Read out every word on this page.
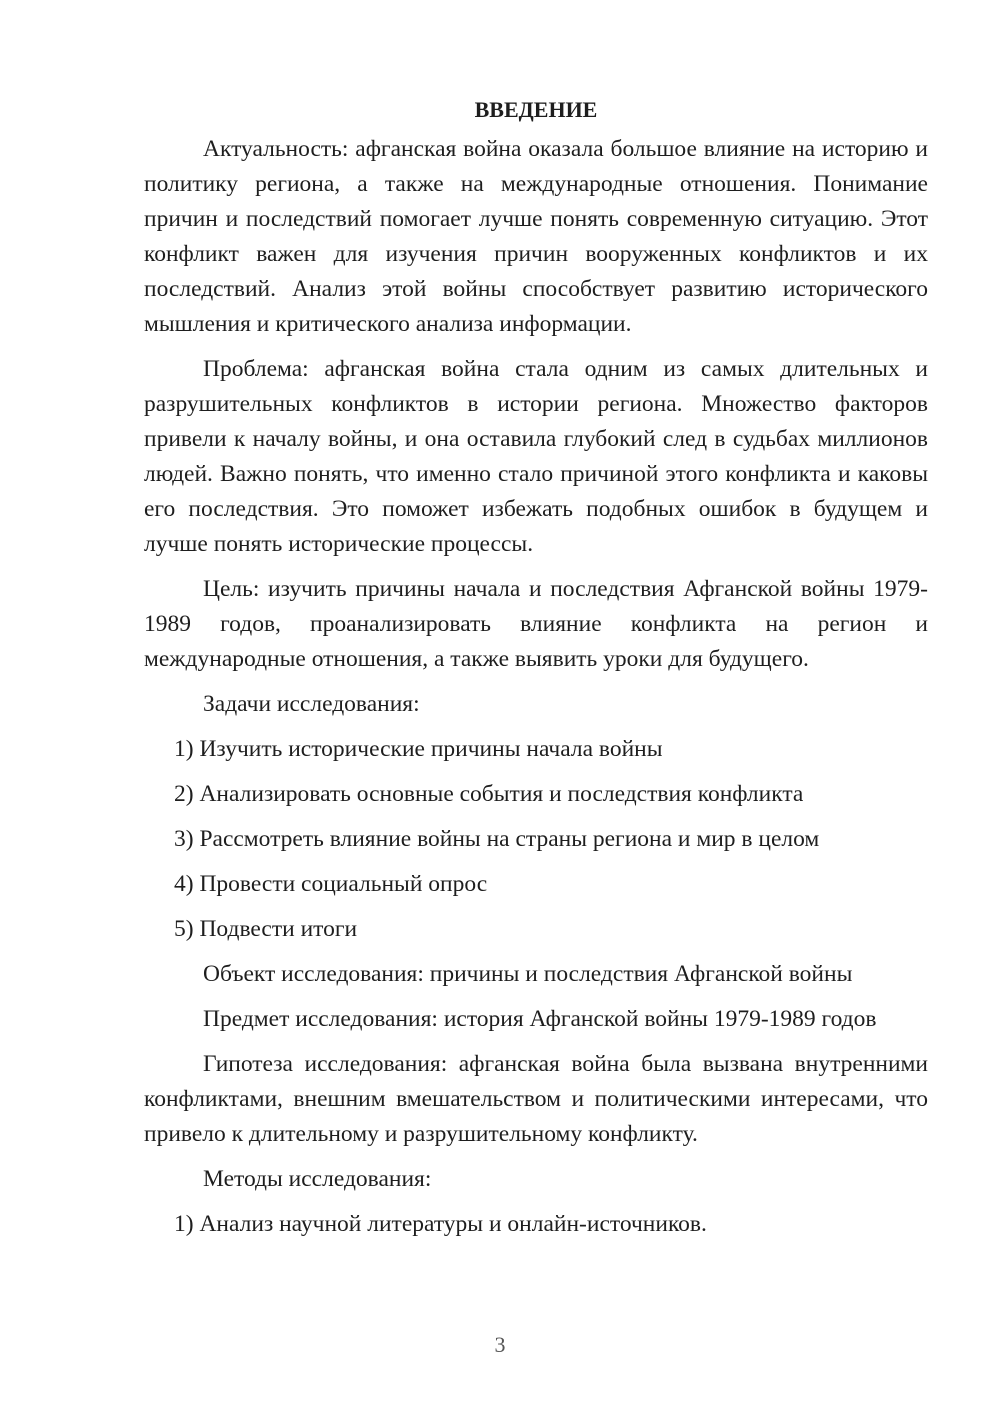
ВВЕДЕНИЕ

Актуальность: афганская война оказала большое влияние на историю и политику региона, а также на международные отношения. Понимание причин и последствий помогает лучше понять современную ситуацию. Этот конфликт важен для изучения причин вооруженных конфликтов и их последствий. Анализ этой войны способствует развитию исторического мышления и критического анализа информации.

Проблема: афганская война стала одним из самых длительных и разрушительных конфликтов в истории региона. Множество факторов привели к началу войны, и она оставила глубокий след в судьбах миллионов людей. Важно понять, что именно стало причиной этого конфликта и каковы его последствия. Это поможет избежать подобных ошибок в будущем и лучше понять исторические процессы.

Цель: изучить причины начала и последствия Афганской войны 1979-1989 годов, проанализировать влияние конфликта на регион и международные отношения, а также выявить уроки для будущего.

Задачи исследования:
1) Изучить исторические причины начала войны
2) Анализировать основные события и последствия конфликта
3) Рассмотреть влияние войны на страны региона и мир в целом
4) Провести социальный опрос
5) Подвести итоги
Объект исследования: причины и последствия Афганской войны
Предмет исследования: история Афганской войны 1979-1989 годов

Гипотеза исследования: афганская война была вызвана внутренними конфликтами, внешним вмешательством и политическими интересами, что привело к длительному и разрушительному конфликту.

Методы исследования:
1) Анализ научной литературы и онлайн-источников.
3
